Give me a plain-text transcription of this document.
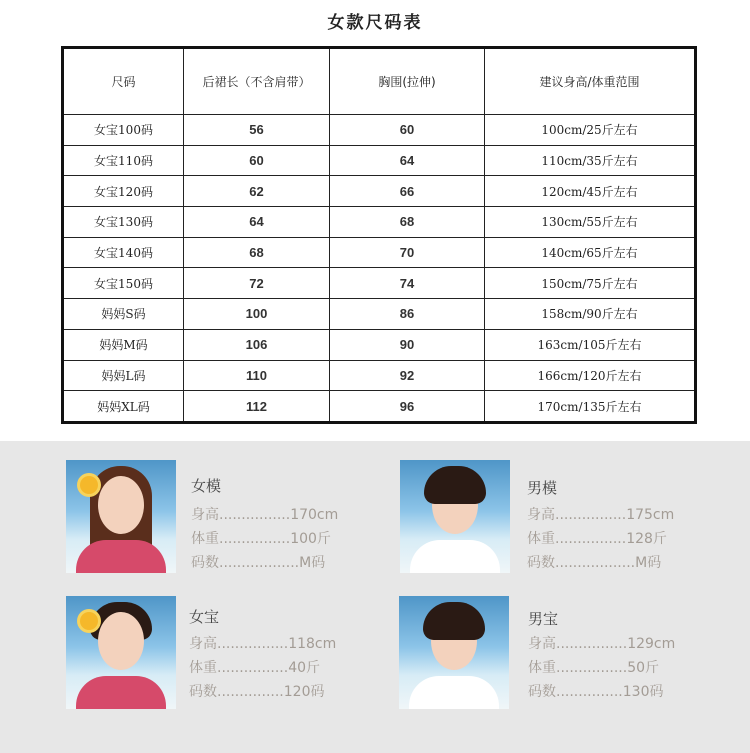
女款尺码表
尺码	后裙长（不含肩带）	胸围(拉伸)	建议身高/体重范围
女宝100码	56	60	100cm/25斤左右
女宝110码	60	64	110cm/35斤左右
女宝120码	62	66	120cm/45斤左右
女宝130码	64	68	130cm/55斤左右
女宝140码	68	70	140cm/65斤左右
女宝150码	72	74	150cm/75斤左右
妈妈S码	100	86	158cm/90斤左右
妈妈M码	106	90	163cm/105斤左右
妈妈L码	110	92	166cm/120斤左右
妈妈XL码	112	96	170cm/135斤左右
女模
身高................170cm
体重................100斤
码数..................M码
男模
身高................175cm
体重................128斤
码数..................M码
女宝
身高................118cm
体重................40斤
码数...............120码
男宝
身高................129cm
体重................50斤
码数...............130码
